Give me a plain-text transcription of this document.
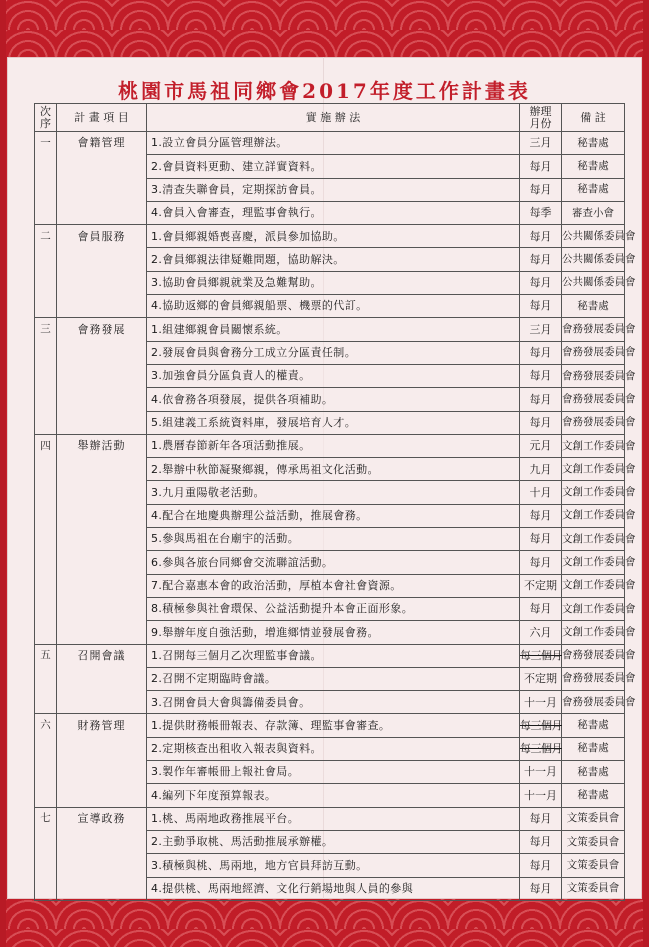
桃園市馬祖同鄉會2017年度工作計畫表
次
序	計 畫 項 目	實 施 辦 法	辦理
月份	備 註
一	會籍管理	1.設立會員分區管理辦法。	三月	秘書處
		2.會員資料更動、建立詳實資料。	每月	秘書處
		3.清查失聯會員，定期探訪會員。	每月	秘書處
		4.會員入會審查，理監事會執行。	每季	審查小會
二	會員服務	1.會員鄉親婚喪喜慶，派員參加協助。	每月	公共關係委員會
		2.會員鄉親法律疑難問題，協助解決。	每月	公共關係委員會
		3.協助會員鄉親就業及急難幫助。	每月	公共關係委員會
		4.協助返鄉的會員鄉親船票、機票的代訂。	每月	秘書處
三	會務發展	1.組建鄉親會員關懷系統。	三月	會務發展委員會
		2.發展會員與會務分工成立分區責任制。	每月	會務發展委員會
		3.加強會員分區負責人的權責。	每月	會務發展委員會
		4.依會務各項發展，提供各項補助。	每月	會務發展委員會
		5.組建義工系統資料庫，發展培育人才。	每月	會務發展委員會
四	舉辦活動	1.農曆春節新年各項活動推展。	元月	文創工作委員會
		2.舉辦中秋節凝聚鄉親，傳承馬祖文化活動。	九月	文創工作委員會
		3.九月重陽敬老活動。	十月	文創工作委員會
		4.配合在地慶典辦理公益活動，推展會務。	每月	文創工作委員會
		5.參與馬祖在台廟宇的活動。	每月	文創工作委員會
		6.參與各旅台同鄉會交流聯誼活動。	每月	文創工作委員會
		7.配合嘉惠本會的政治活動，厚植本會社會資源。	不定期	文創工作委員會
		8.積極參與社會環保、公益活動提升本會正面形象。	每月	文創工作委員會
		9.舉辦年度自強活動，增進鄉情並發展會務。	六月	文創工作委員會
五	召開會議	1.召開每三個月乙次理監事會議。	每三個月	會務發展委員會
		2.召開不定期臨時會議。	不定期	會務發展委員會
		3.召開會員大會與籌備委員會。	十一月	會務發展委員會
六	財務管理	1.提供財務帳冊報表、存款簿、理監事會審查。	每三個月	秘書處
		2.定期核查出租收入報表與資料。	每三個月	秘書處
		3.製作年審帳冊上報社會局。	十一月	秘書處
		4.編列下年度預算報表。	十一月	秘書處
七	宣導政務	1.桃、馬兩地政務推展平台。	每月	文策委員會
		2.主動爭取桃、馬活動推展承辦權。	每月	文策委員會
		3.積極與桃、馬兩地，地方官員拜訪互動。	每月	文策委員會
		4.提供桃、馬兩地經濟、文化行銷場地與人員的參與	每月	文策委員會
